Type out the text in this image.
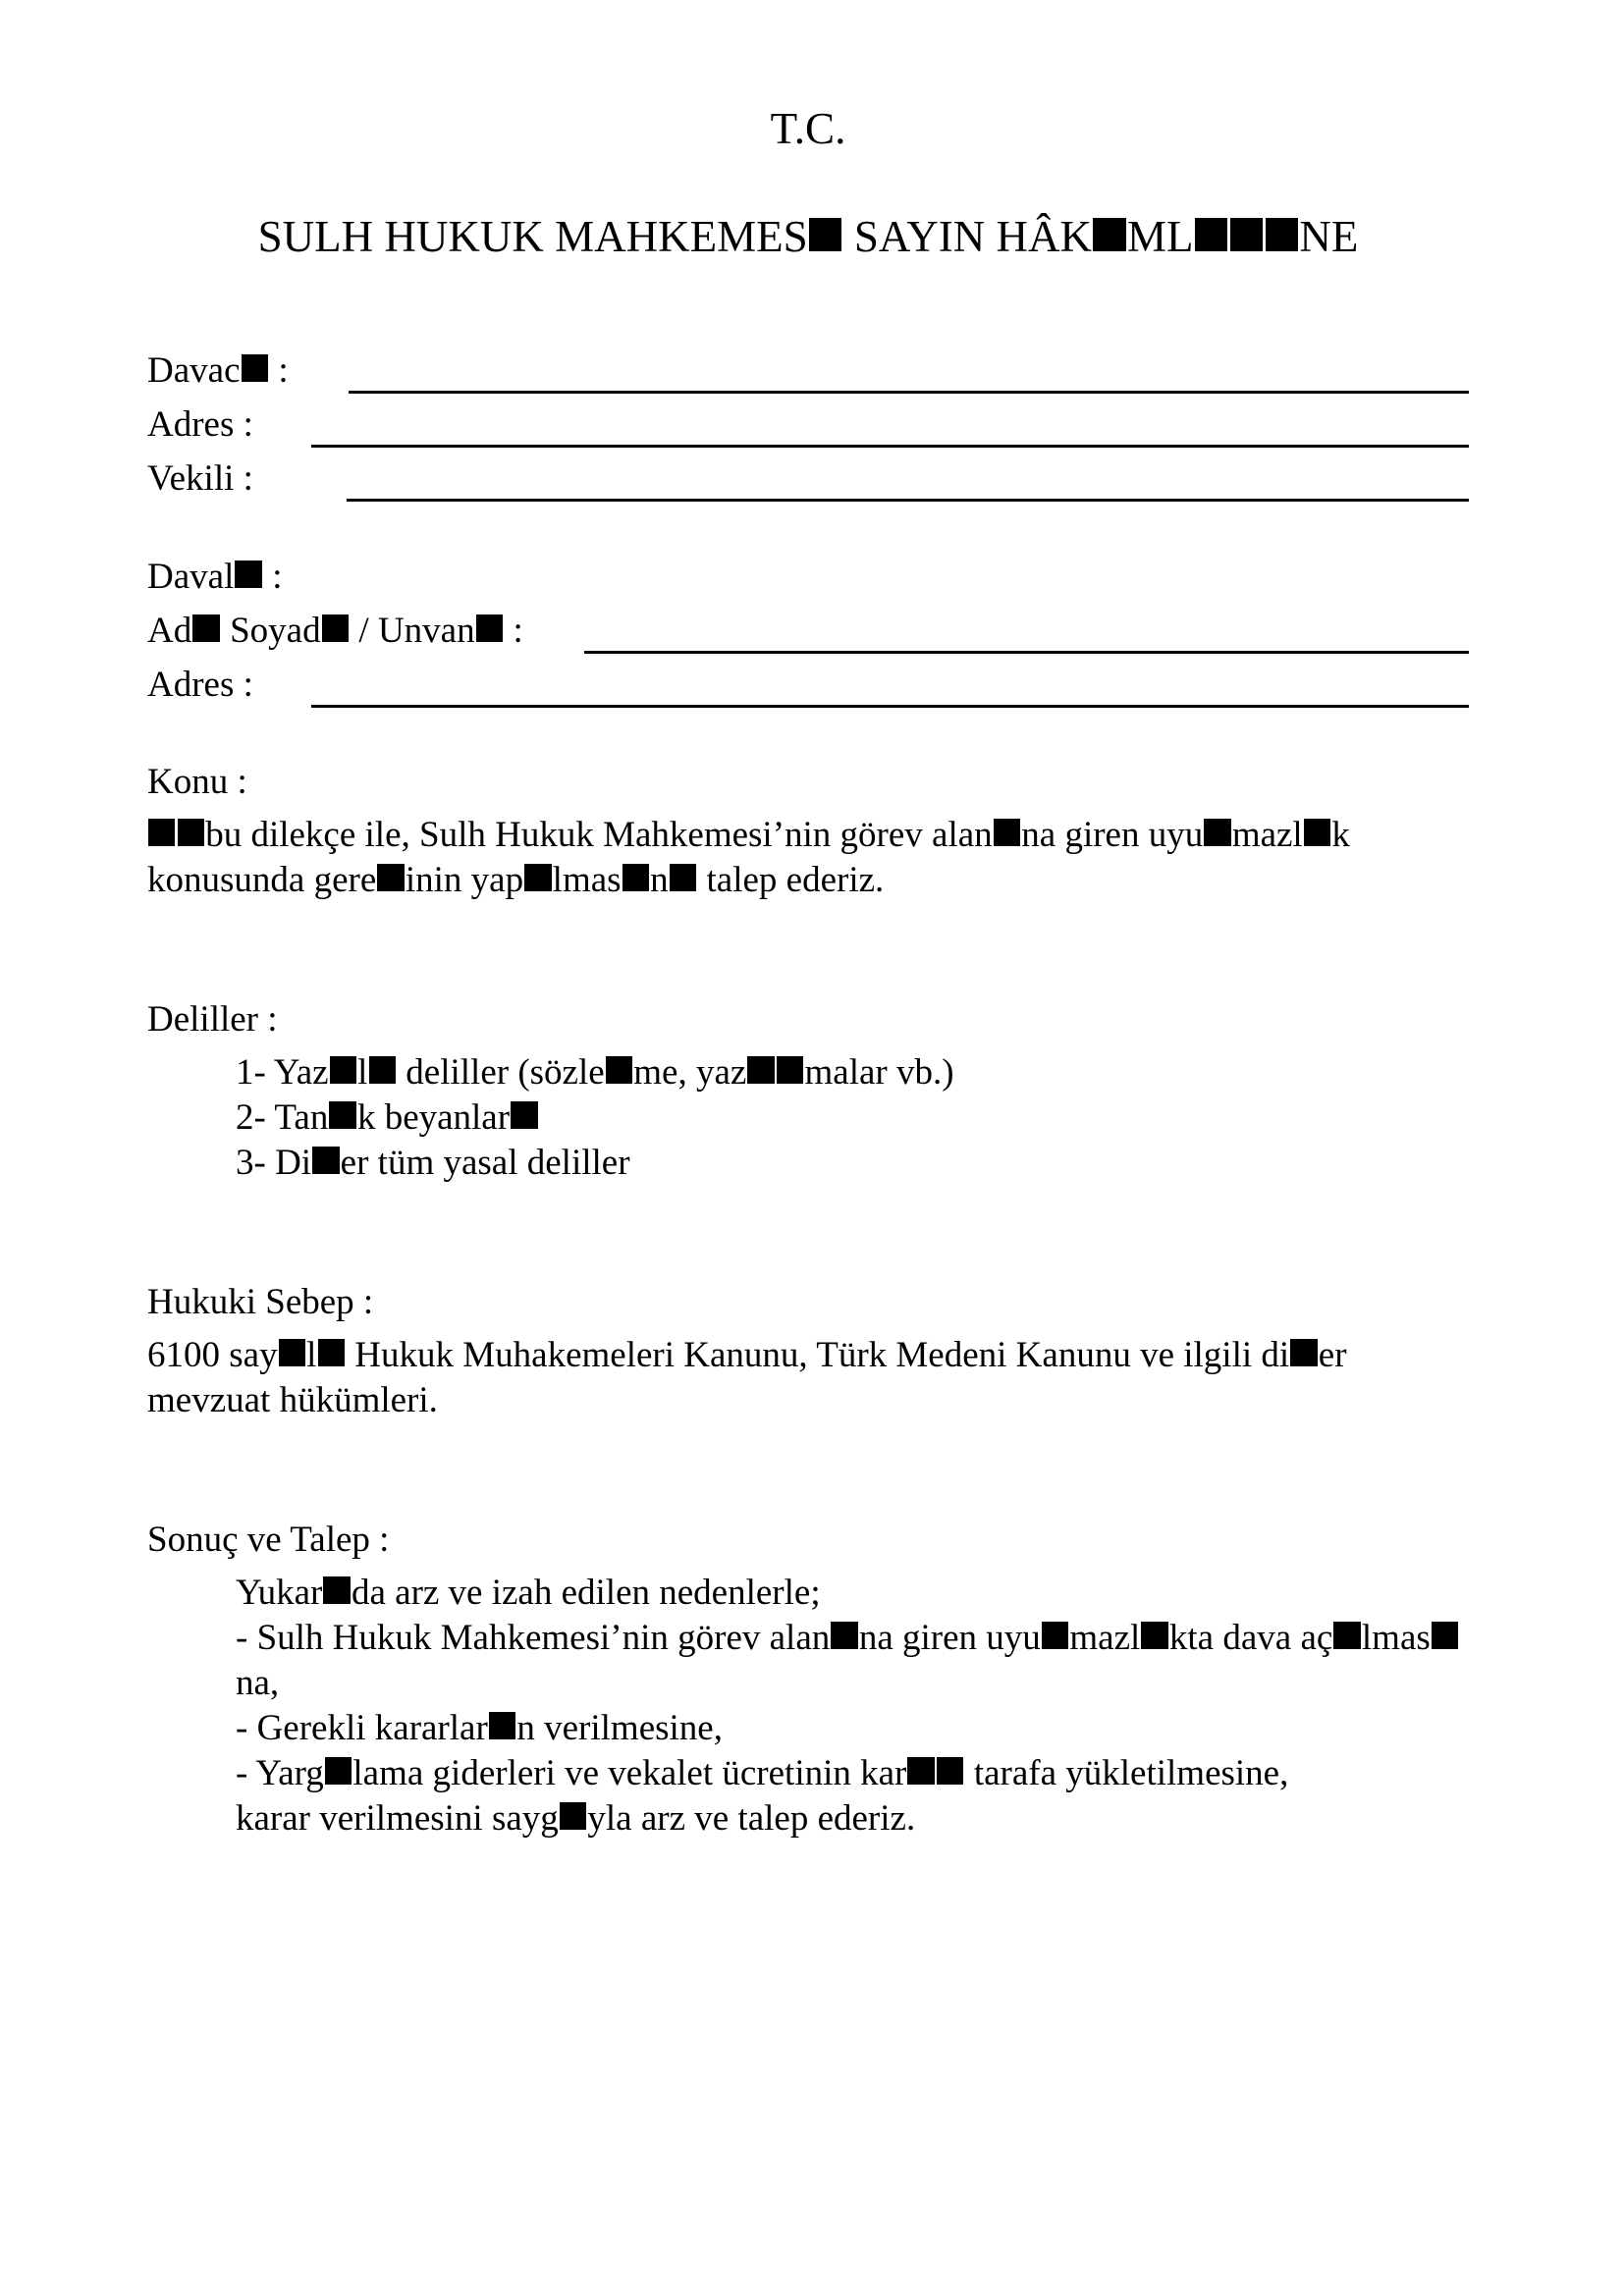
T.C.
SULH HUKUK MAHKEMES SAYIN HÂK ML NE
Davac :
Adres :
Vekili :
Daval :
Ad Soyad / Unvan :
Adres :
Konu :
bu dilekçe ile, Sulh Hukuk Mahkemesi’nin görev alan na giren uyu mazl k konusunda gere inin yap lmas n talep ederiz.
Deliller :
1- Yaz l deliller (sözle me, yaz malar vb.)
2- Tan k beyanlar
3- Di er tüm yasal deliller
Hukuki Sebep :
6100 say l Hukuk Muhakemeleri Kanunu, Türk Medeni Kanunu ve ilgili di er mevzuat hükümleri.
Sonuç ve Talep :
Yukar da arz ve izah edilen nedenlerle;
- Sulh Hukuk Mahkemesi’nin görev alan na giren uyu mazl kta dava aç lmasna,
- Gerekli kararlar n verilmesine,
- Yarg lama giderleri ve vekalet ücretinin kar tarafa yükletilmesine,
karar verilmesini sayg yla arz ve talep ederiz.
